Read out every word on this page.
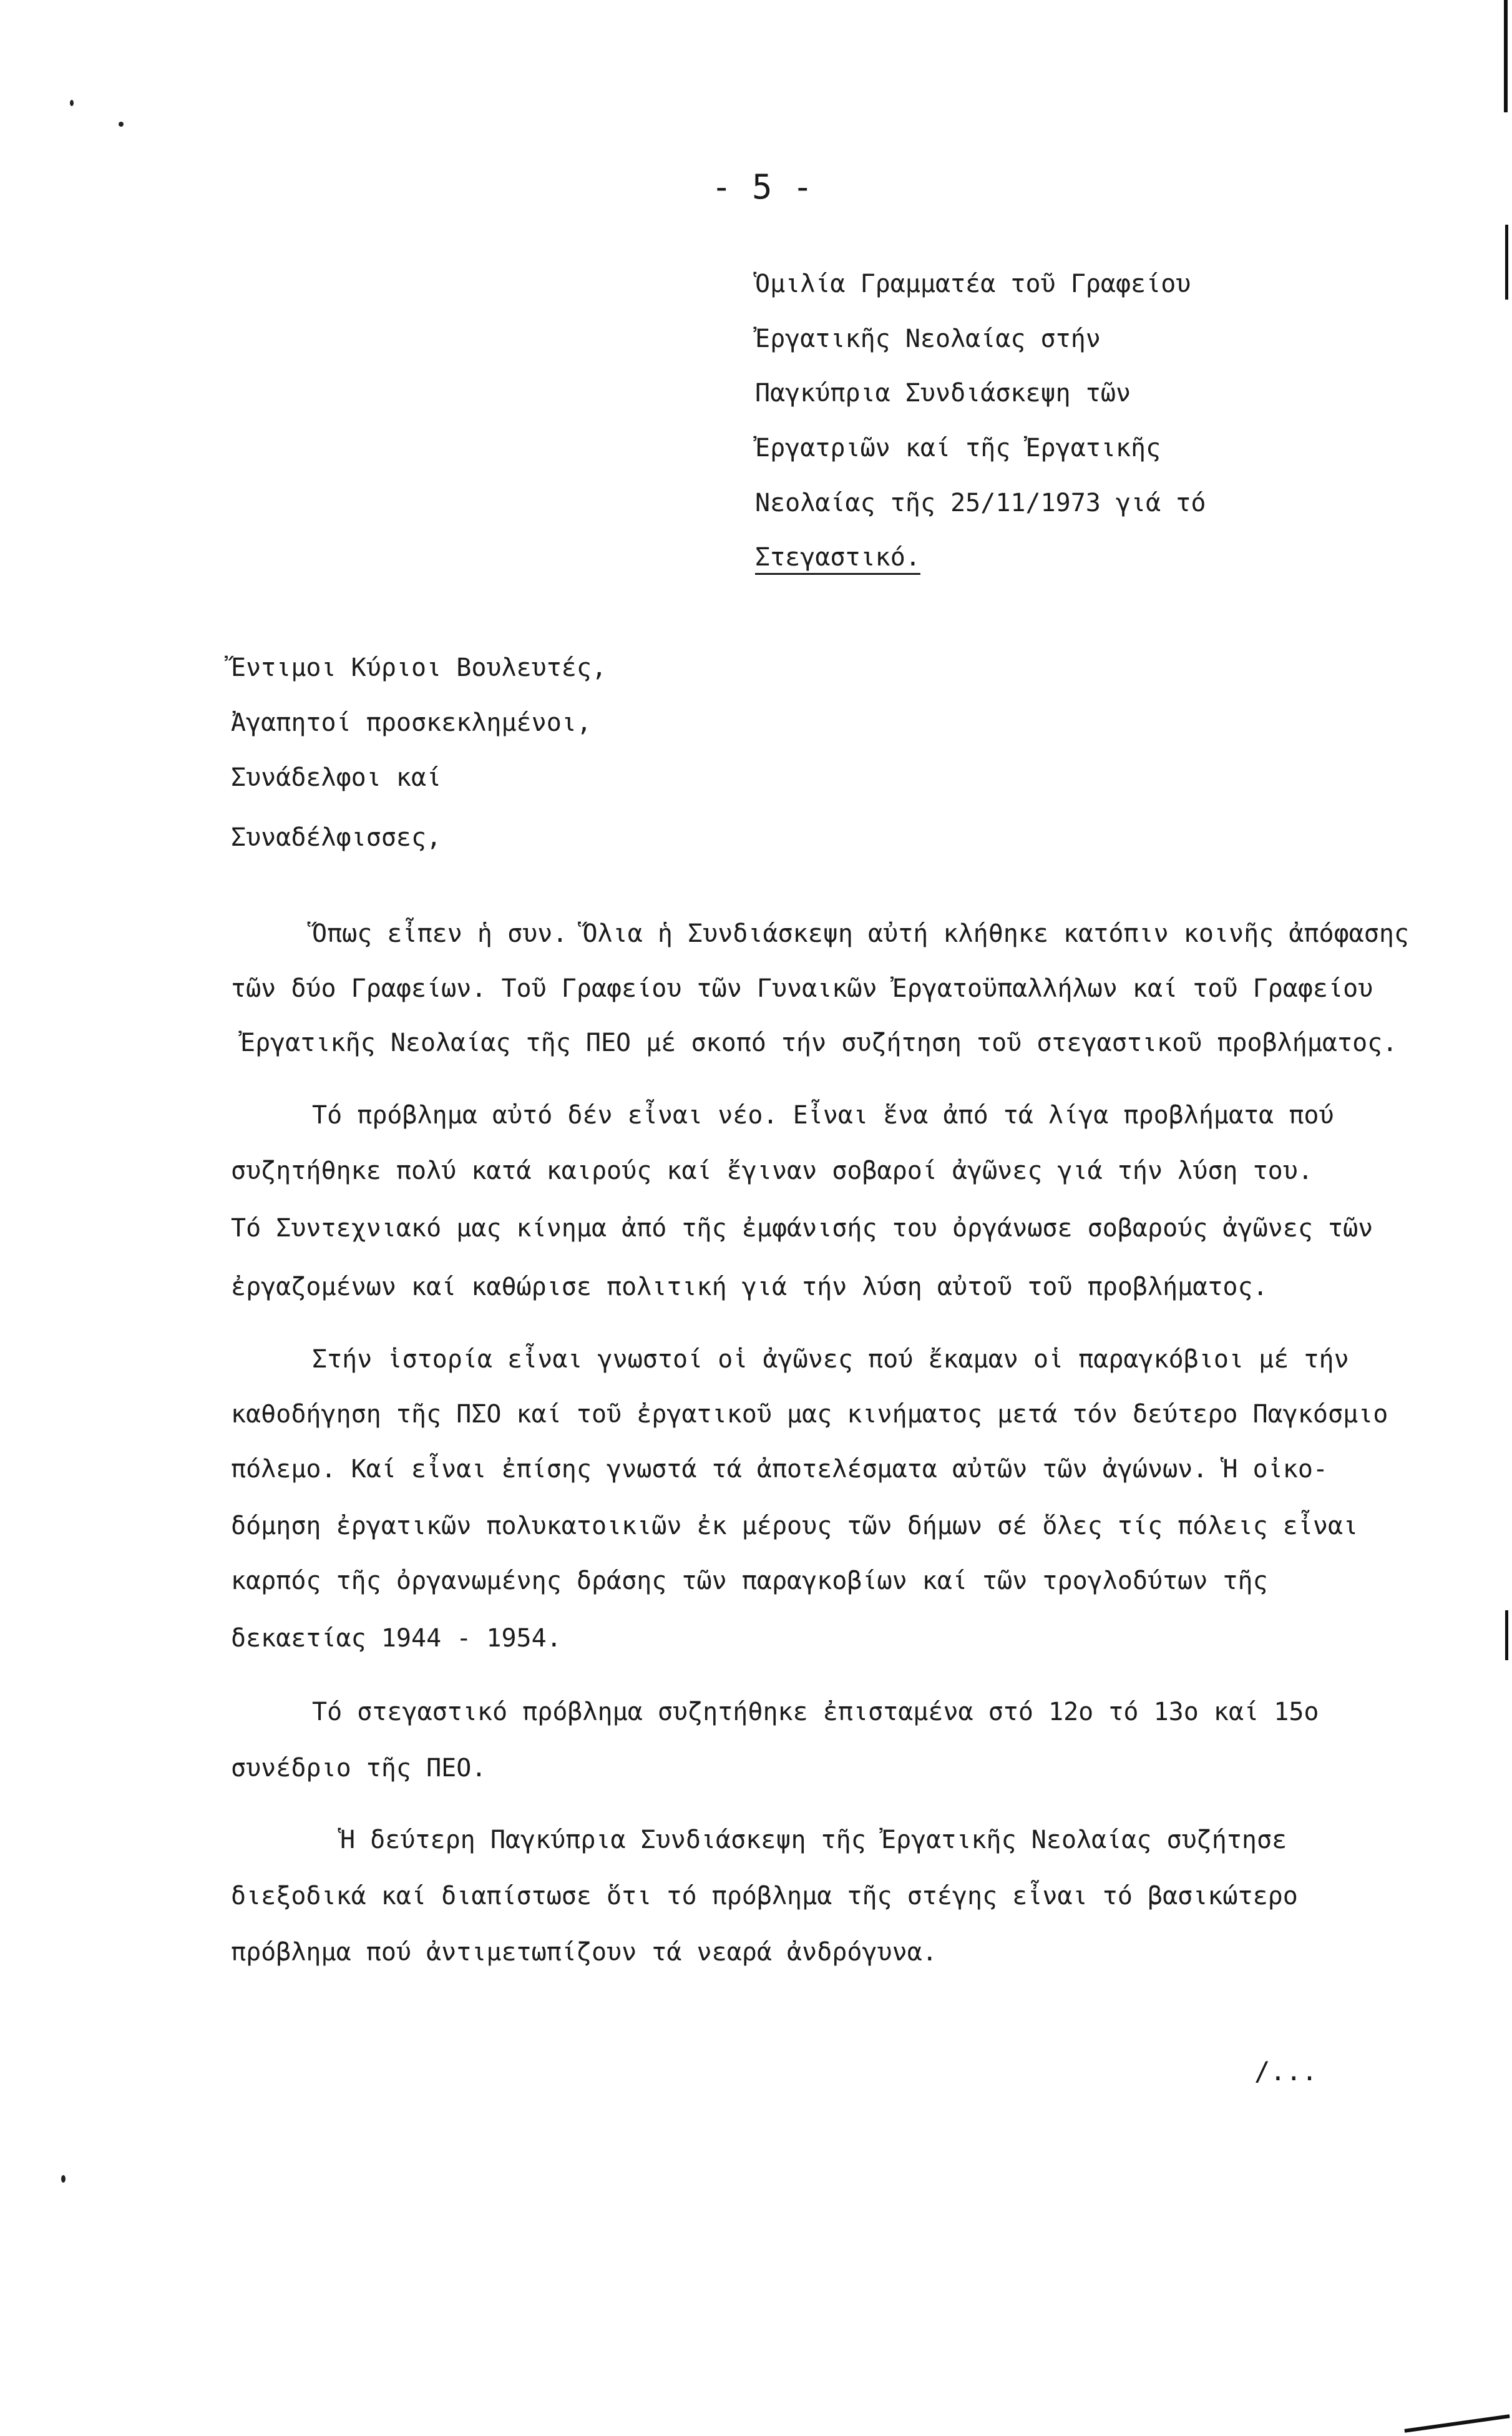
- 5 -
Ὁμιλία Γραμματέα τοῦ Γραφείου
Ἐργατικῆς Νεολαίας στήν
Παγκύπρια Συνδιάσκεψη τῶν
Ἐργατριῶν καί τῆς Ἐργατικῆς
Νεολαίας τῆς 25/11/1973 γιά τό
Στεγαστικό.
Ἔντιμοι Κύριοι Βουλευτές,
Ἀγαπητοί προσκεκλημένοι,
Συνάδελφοι καί
Συναδέλφισσες,
Ὅπως εἶπεν ἡ συν. Ὅλια ἡ Συνδιάσκεψη αὐτή κλήθηκε κατόπιν κοινῆς ἀπόφασης
τῶν δύο Γραφείων. Τοῦ Γραφείου τῶν Γυναικῶν Ἐργατοϋπαλλήλων καί τοῦ Γραφείου
Ἐργατικῆς Νεολαίας τῆς ΠΕΟ μέ σκοπό τήν συζήτηση τοῦ στεγαστικοῦ προβλήματος.
Τό πρόβλημα αὐτό δέν εἶναι νέο. Εἶναι ἕνα ἀπό τά λίγα προβλήματα πού
συζητήθηκε πολύ κατά καιρούς καί ἔγιναν σοβαροί ἀγῶνες γιά τήν λύση του.
Τό Συντεχνιακό μας κίνημα ἀπό τῆς ἐμφάνισής του ὀργάνωσε σοβαρούς ἀγῶνες τῶν
ἐργαζομένων καί καθώρισε πολιτική γιά τήν λύση αὐτοῦ τοῦ προβλήματος.
Στήν ἱστορία εἶναι γνωστοί οἱ ἀγῶνες πού ἔκαμαν οἱ παραγκόβιοι μέ τήν
καθοδήγηση τῆς ΠΣΟ καί τοῦ ἐργατικοῦ μας κινήματος μετά τόν δεύτερο Παγκόσμιο
πόλεμο. Καί εἶναι ἐπίσης γνωστά τά ἀποτελέσματα αὐτῶν τῶν ἀγώνων. Ἡ οἰκο-
δόμηση ἐργατικῶν πολυκατοικιῶν ἐκ μέρους τῶν δήμων σέ ὅλες τίς πόλεις εἶναι
καρπός τῆς ὀργανωμένης δράσης τῶν παραγκοβίων καί τῶν τρογλοδύτων τῆς
δεκαετίας 1944 - 1954.
Τό στεγαστικό πρόβλημα συζητήθηκε ἐπισταμένα στό 12ο τό 13ο καί 15ο
συνέδριο τῆς ΠΕΟ.
Ἡ δεύτερη Παγκύπρια Συνδιάσκεψη τῆς Ἐργατικῆς Νεολαίας συζήτησε
διεξοδικά καί διαπίστωσε ὅτι τό πρόβλημα τῆς στέγης εἶναι τό βασικώτερο
πρόβλημα πού ἀντιμετωπίζουν τά νεαρά ἀνδρόγυνα.
/...
